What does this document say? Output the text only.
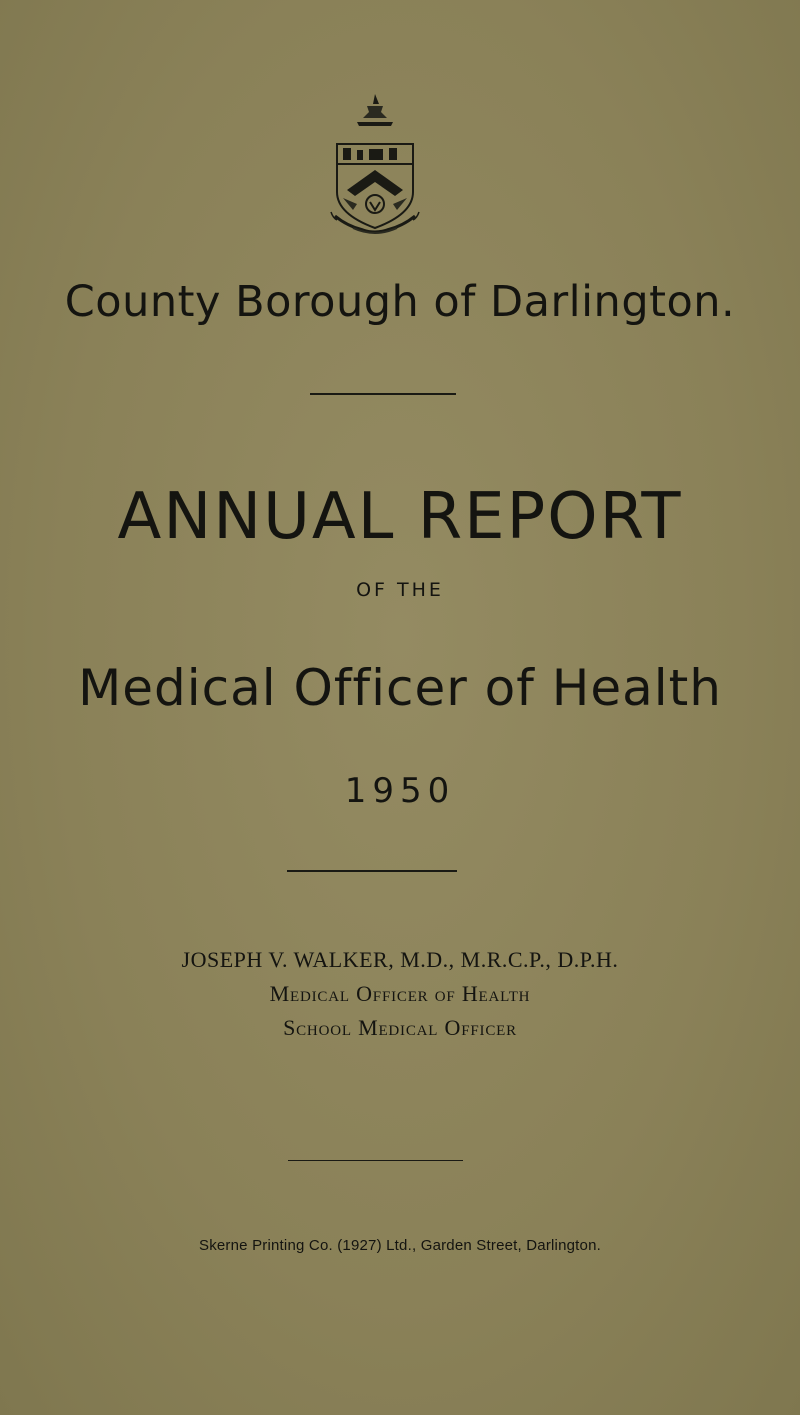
County Borough of Darlington.
ANNUAL REPORT
OF THE
Medical Officer of Health
1950
JOSEPH V. WALKER, M.D., M.R.C.P., D.P.H.
Medical Officer of Health
School Medical Officer
Skerne Printing Co. (1927) Ltd., Garden Street, Darlington.
